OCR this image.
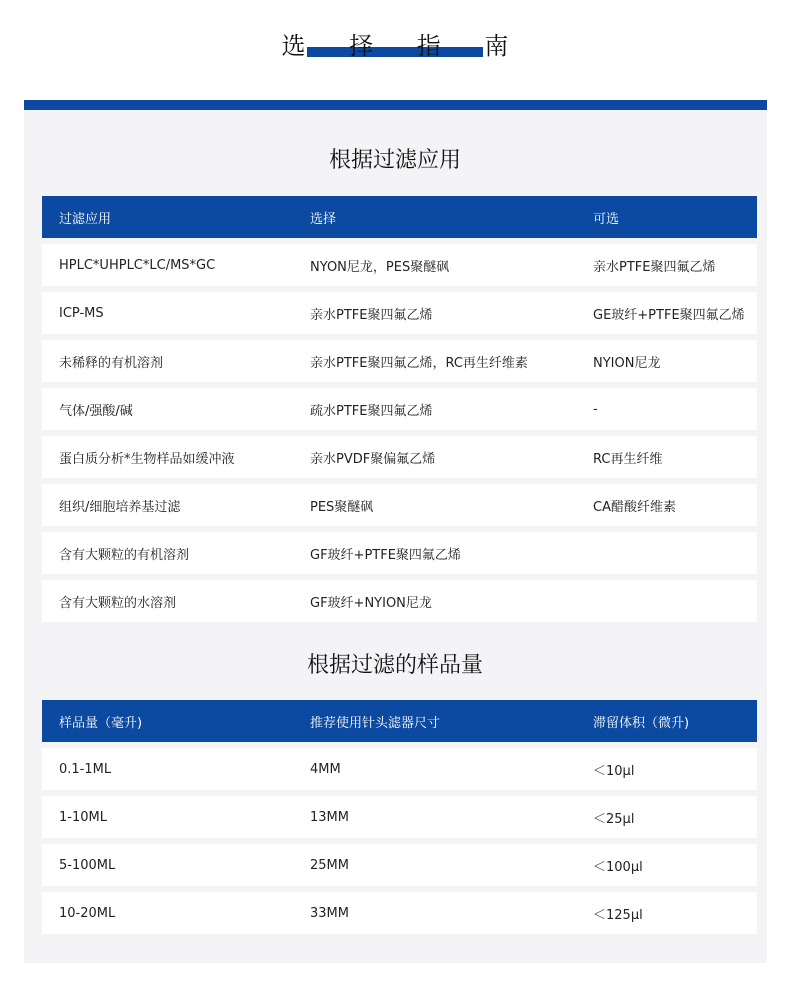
选 择 指 南
根据过滤应用
过滤应用	选择	可选
HPLC*UHPLC*LC/MS*GC	NYON尼龙，PES聚醚砜	亲水PTFE聚四氟乙烯
ICP-MS	亲水PTFE聚四氟乙烯	GE玻纤+PTFE聚四氟乙烯
未稀释的有机溶剂	亲水PTFE聚四氟乙烯，RC再生纤维素	NYION尼龙
气体/强酸/碱	疏水PTFE聚四氟乙烯	-
蛋白质分析*生物样品如缓冲液	亲水PVDF聚偏氟乙烯	RC再生纤维
组织/细胞培养基过滤	PES聚醚砜	CA醋酸纤维素
含有大颗粒的有机溶剂	GF玻纤+PTFE聚四氟乙烯
含有大颗粒的水溶剂	GF玻纤+NYION尼龙
根据过滤的样品量
样品量（毫升)	推荐使用针头滤器尺寸	滞留体积（微升)
0.1-1ML	4MM	＜10μl
1-10ML	13MM	＜25μl
5-100ML	25MM	＜100μl
10-20ML	33MM	＜125μl
